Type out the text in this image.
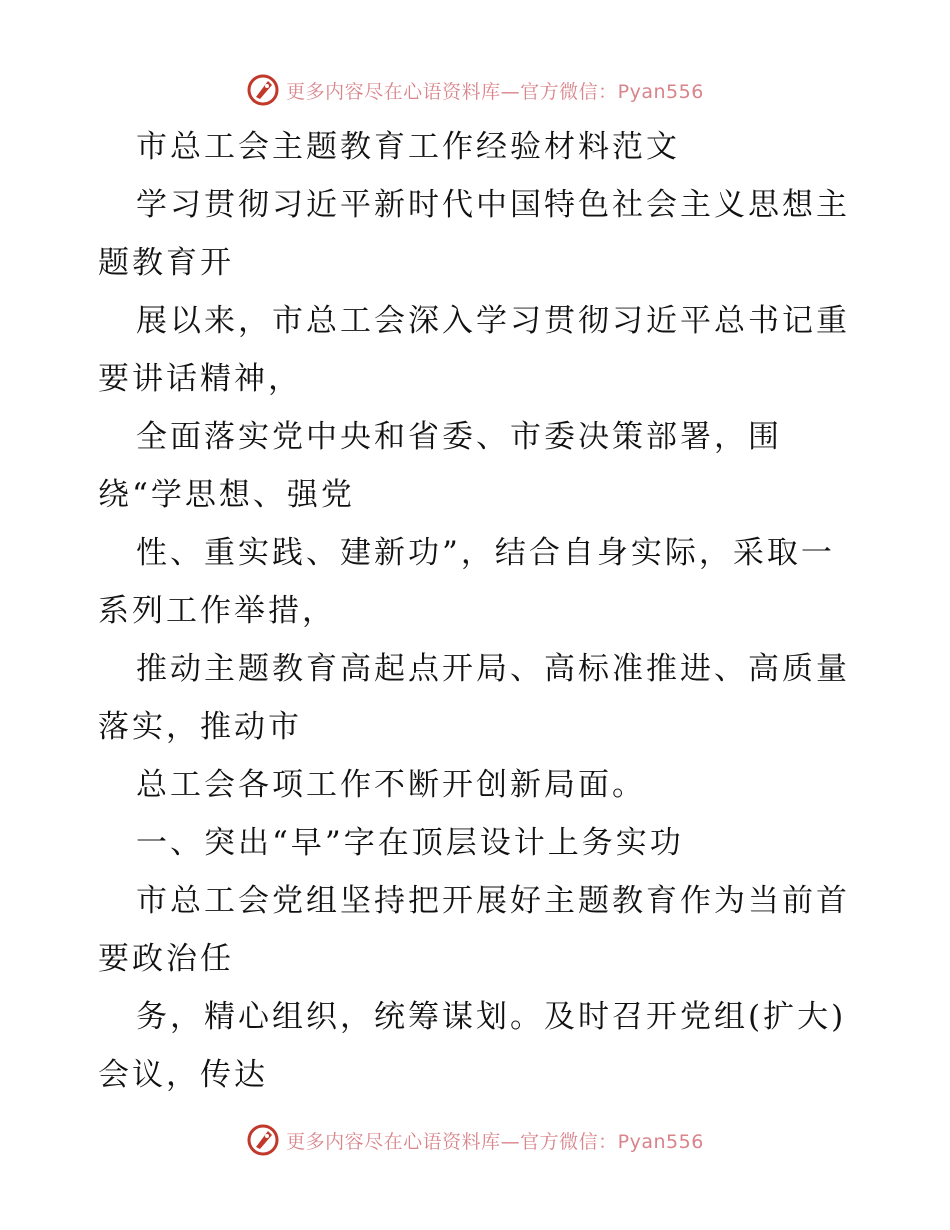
更多内容尽在心语资料库—官方微信：Pyan556
市总工会主题教育工作经验材料范文
学习贯彻习近平新时代中国特色社会主义思想主
题教育开
展以来，市总工会深入学习贯彻习近平总书记重
要讲话精神，
全面落实党中央和省委、市委决策部署，围
绕“学思想、强党
性、重实践、建新功”，结合自身实际，采取一
系列工作举措，
推动主题教育高起点开局、高标准推进、高质量
落实，推动市
总工会各项工作不断开创新局面。
一、突出“早”字在顶层设计上务实功
市总工会党组坚持把开展好主题教育作为当前首
要政治任
务，精心组织，统筹谋划。及时召开党组(扩大)
会议，传达
更多内容尽在心语资料库—官方微信：Pyan556
